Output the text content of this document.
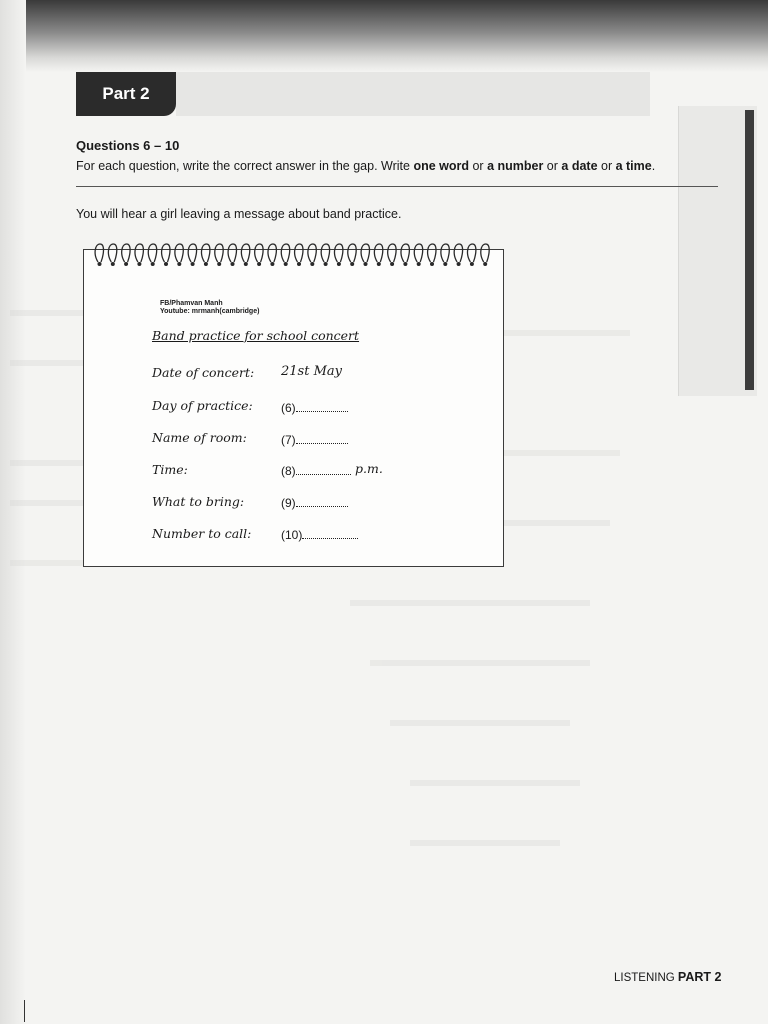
Part 2
Questions 6 – 10
For each question, write the correct answer in the gap. Write one word or a number or a date or a time.
You will hear a girl leaving a message about band practice.
FB/Phamvan Manh
Youtube: mrmanh(cambridge)
Band practice for school concert
Date of concert: 21st May
Day of practice: (6)
Name of room:	(7)
Time:	(8)	p.m.
What to bring:	(9)
Number to call: (10)
LISTENING PART 2
